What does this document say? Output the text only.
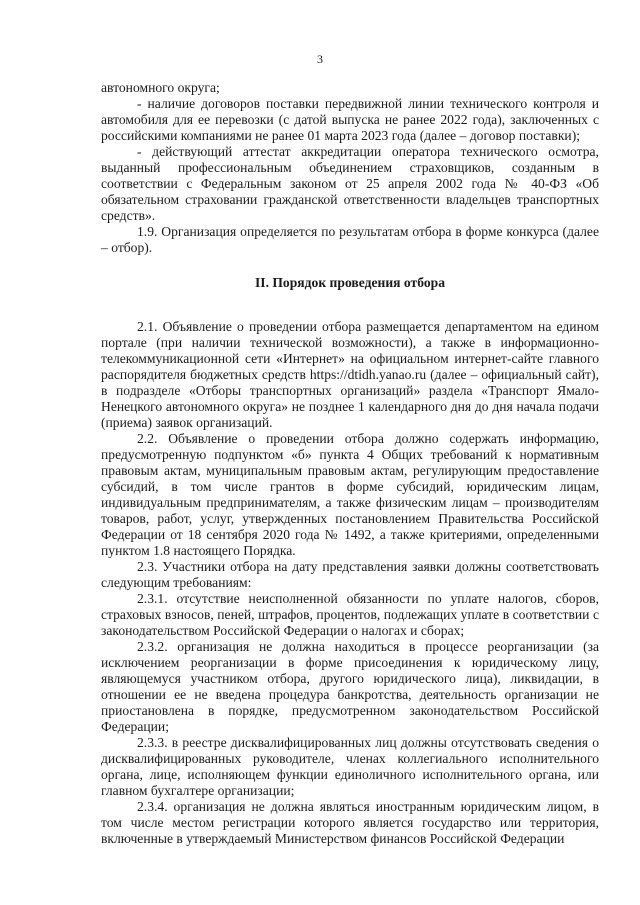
3

автономного округа;

- наличие договоров поставки передвижной линии технического контроля и автомобиля для ее перевозки (с датой выпуска не ранее 2022 года), заключенных с российскими компаниями не ранее 01 марта 2023 года (далее – договор поставки);

- действующий аттестат аккредитации оператора технического осмотра, выданный профессиональным объединением страховщиков, созданным в соответствии с Федеральным законом от 25 апреля 2002 года № 40-ФЗ «Об обязательном страховании гражданской ответственности владельцев транспортных средств».

1.9. Организация определяется по результатам отбора в форме конкурса (далее – отбор).

II. Порядок проведения отбора

2.1. Объявление о проведении отбора размещается департаментом на едином портале (при наличии технической возможности), а также в информационно-телекоммуникационной сети «Интернет» на официальном интернет-сайте главного распорядителя бюджетных средств https://dtidh.yanao.ru (далее – официальный сайт), в подразделе «Отборы транспортных организаций» раздела «Транспорт Ямало-Ненецкого автономного округа» не позднее 1 календарного дня до дня начала подачи (приема) заявок организаций.

2.2. Объявление о проведении отбора должно содержать информацию, предусмотренную подпунктом «б» пункта 4 Общих требований к нормативным правовым актам, муниципальным правовым актам, регулирующим предоставление субсидий, в том числе грантов в форме субсидий, юридическим лицам, индивидуальным предпринимателям, а также физическим лицам – производителям товаров, работ, услуг, утвержденных постановлением Правительства Российской Федерации от 18 сентября 2020 года № 1492, а также критериями, определенными пунктом 1.8 настоящего Порядка.

2.3. Участники отбора на дату представления заявки должны соответствовать следующим требованиям:

2.3.1. отсутствие неисполненной обязанности по уплате налогов, сборов, страховых взносов, пеней, штрафов, процентов, подлежащих уплате в соответствии с законодательством Российской Федерации о налогах и сборах;

2.3.2. организация не должна находиться в процессе реорганизации (за исключением реорганизации в форме присоединения к юридическому лицу, являющемуся участником отбора, другого юридического лица), ликвидации, в отношении ее не введена процедура банкротства, деятельность организации не приостановлена в порядке, предусмотренном законодательством Российской Федерации;

2.3.3. в реестре дисквалифицированных лиц должны отсутствовать сведения о дисквалифицированных руководителе, членах коллегиального исполнительного органа, лице, исполняющем функции единоличного исполнительного органа, или главном бухгалтере организации;

2.3.4. организация не должна являться иностранным юридическим лицом, в том числе местом регистрации которого является государство или территория, включенные в утверждаемый Министерством финансов Российской Федерации
